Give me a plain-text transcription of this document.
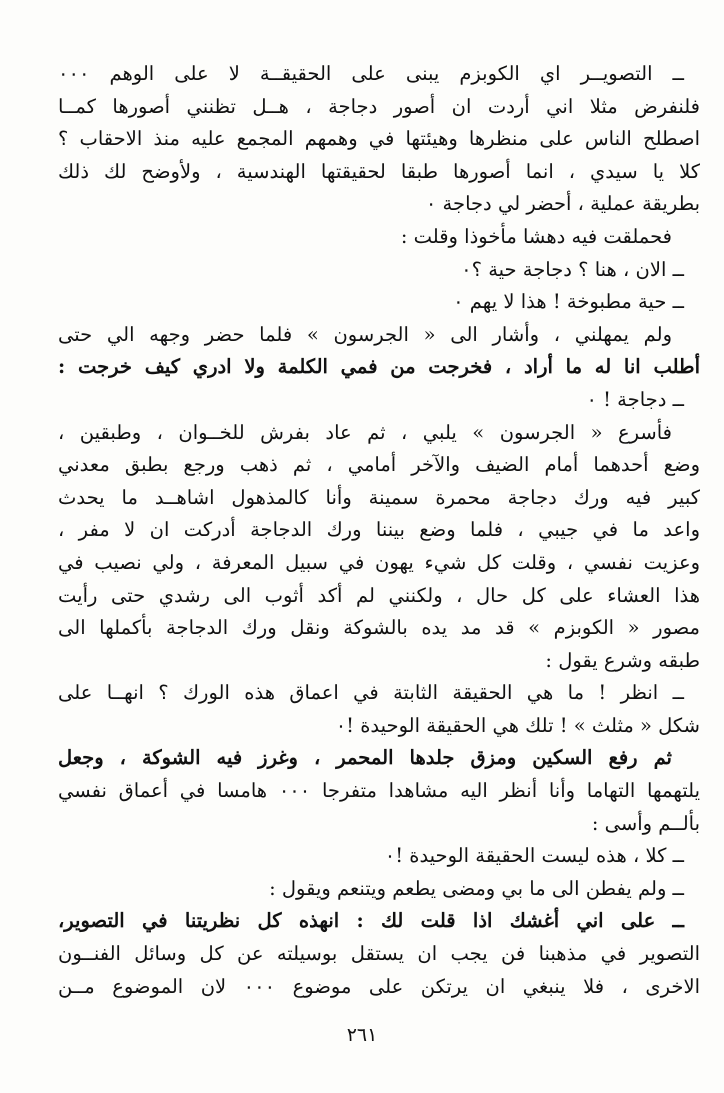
ــ التصويــر اي الكوبزم يبنى على الحقيقــة لا على الوهم ٠٠٠
فلنفرض مثلا اني أردت ان أصور دجاجة ، هــل تظنني أصورها كمــا
اصطلح الناس على منظرها وهيئتها في وهمهم المجمع عليه منذ الاحقاب ؟
كلا يا سيدي ، انما أصورها طبقا لحقيقتها الهندسية ، ولأوضح لك ذلك
بطريقة عملية ، أحضر لي دجاجة ٠
فحملقت فيه دهشا مأخوذا وقلت :
ــ الان ، هنا ؟ دجاجة حية ؟٠
ــ حية مطبوخة ! هذا لا يهم ٠
ولم يمهلني ، وأشار الى « الجرسون » فلما حضر وجهه الي حتى
أطلب انا له ما أراد ، فخرجت من فمي الكلمة ولا ادري كيف خرجت :
ــ دجاجة ! ٠
فأسرع « الجرسون » يلبي ، ثم عاد بفرش للخــوان ، وطبقين ،
وضع أحدهما أمام الضيف والآخر أمامي ، ثم ذهب ورجع بطبق معدني
كبير فيه ورك دجاجة محمرة سمينة وأنا كالمذهول اشاهــد ما يحدث
واعد ما في جيبي ، فلما وضع بيننا ورك الدجاجة أدركت ان لا مفر ،
وعزيت نفسي ، وقلت كل شيء يهون في سبيل المعرفة ، ولي نصيب في
هذا العشاء على كل حال ، ولكنني لم أكد أثوب الى رشدي حتى رأيت
مصور « الكوبزم » قد مد يده بالشوكة ونقل ورك الدجاجة بأكملها الى
طبقه وشرع يقول :
ــ انظر ! ما هي الحقيقة الثابتة في اعماق هذه الورك ؟ انهــا على
شكل « مثلث » ! تلك هي الحقيقة الوحيدة !٠
ثم رفع السكين ومزق جلدها المحمر ، وغرز فيه الشوكة ، وجعل
يلتهمها التهاما وأنا أنظر اليه مشاهدا متفرجا ٠٠٠ هامسا في أعماق نفسي
بألــم وأسى :
ــ كلا ، هذه ليست الحقيقة الوحيدة !٠
ــ ولم يفطن الى ما بي ومضى يطعم ويتنعم ويقول :
ــ على اني أغشك اذا قلت لك : انهذه كل نظريتنا في التصوير،
التصوير في مذهبنا فن يجب ان يستقل بوسيلته عن كل وسائل الفنــون
الاخرى ، فلا ينبغي ان يرتكن على موضوع ٠٠٠ لان الموضوع مــن
٢٦١
